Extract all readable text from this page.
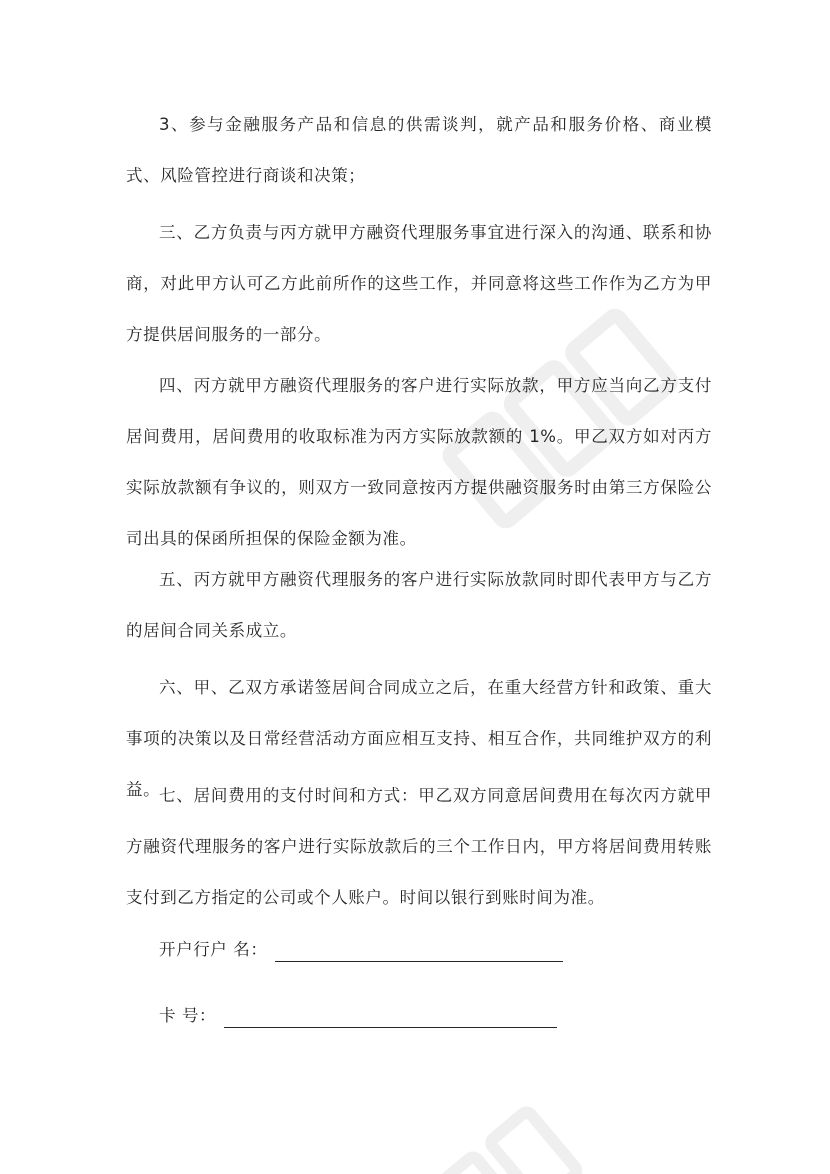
3、参与金融服务产品和信息的供需谈判，就产品和服务价格、商业模式、风险管控进行商谈和决策；

三、乙方负责与丙方就甲方融资代理服务事宜进行深入的沟通、联系和协商，对此甲方认可乙方此前所作的这些工作，并同意将这些工作作为乙方为甲方提供居间服务的一部分。

四、丙方就甲方融资代理服务的客户进行实际放款，甲方应当向乙方支付居间费用，居间费用的收取标准为丙方实际放款额的 1%。甲乙双方如对丙方实际放款额有争议的，则双方一致同意按丙方提供融资服务时由第三方保险公司出具的保函所担保的保险金额为准。

五、丙方就甲方融资代理服务的客户进行实际放款同时即代表甲方与乙方的居间合同关系成立。

六、甲、乙双方承诺签居间合同成立之后，在重大经营方针和政策、重大事项的决策以及日常经营活动方面应相互支持、相互合作，共同维护双方的利益。

七、居间费用的支付时间和方式：甲乙双方同意居间费用在每次丙方就甲方融资代理服务的客户进行实际放款后的三个工作日内，甲方将居间费用转账支付到乙方指定的公司或个人账户。时间以银行到账时间为准。

开户行户 名：
卡 号：
